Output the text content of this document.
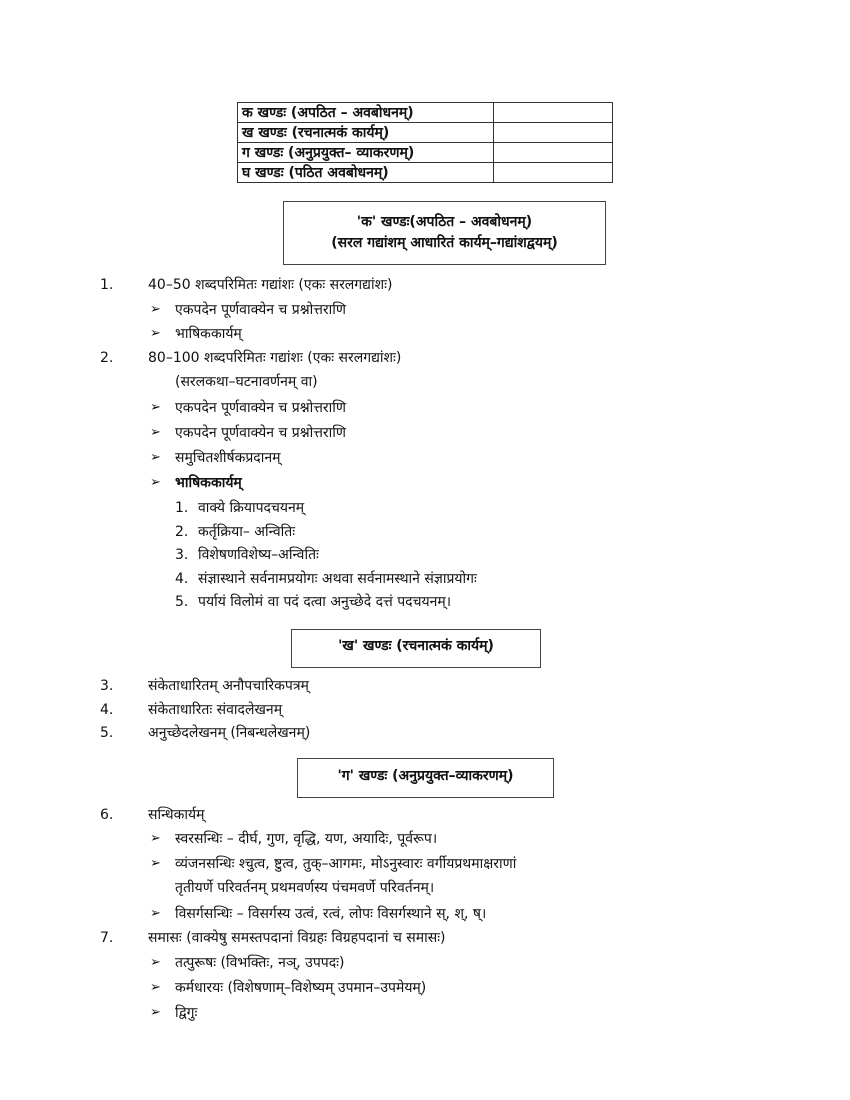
क खण्डः (अपठित – अवबोधनम्)	
ख खण्डः (रचनात्मकं कार्यम्)	
ग खण्डः (अनुप्रयुक्त– व्याकरणम्)	
घ खण्डः (पठित अवबोधनम्)	
'क' खण्डः(अपठित – अवबोधनम्)
(सरल गद्यांशम् आधारितं कार्यम्–गद्यांशद्वयम्)
1. 40–50 शब्दपरिमितः गद्यांशः (एकः सरलगद्यांशः)
➢ एकपदेन पूर्णवाक्येन च प्रश्नोत्तराणि
➢ भाषिककार्यम्
2. 80–100 शब्दपरिमितः गद्यांशः (एकः सरलगद्यांशः)
(सरलकथा–घटनावर्णनम् वा)
➢ एकपदेन पूर्णवाक्येन च प्रश्नोत्तराणि
➢ एकपदेन पूर्णवाक्येन च प्रश्नोत्तराणि
➢ समुचितशीर्षकप्रदानम्
➢ भाषिककार्यम्
1. वाक्ये क्रियापदचयनम्
2. कर्तृक्रिया– अन्वितिः
3. विशेषणविशेष्य–अन्वितिः
4. संज्ञास्थाने सर्वनामप्रयोगः अथवा सर्वनामस्थाने संज्ञाप्रयोगः
5. पर्यायं विलोमं वा पदं दत्वा अनुच्छेदे दत्तं पदचयनम्।
'ख' खण्डः (रचनात्मकं कार्यम्)
3. संकेताधारितम् अनौपचारिकपत्रम्
4. संकेताधारितः संवादलेखनम्
5. अनुच्छेदलेखनम् (निबन्धलेखनम्)
'ग' खण्डः (अनुप्रयुक्त–व्याकरणम्)
6. सन्धिकार्यम्
➢ स्वरसन्धिः – दीर्घ, गुण, वृद्धि, यण, अयादिः, पूर्वरूप।
➢ व्यंजनसन्धिः श्चुत्व, ष्टुत्व, तुक्–आगमः, मोऽनुस्वारः वर्गीयप्रथमाक्षराणां
तृतीयर्णे परिवर्तनम् प्रथमवर्णस्य पंचमवर्णे परिवर्तनम्।
➢ विसर्गसन्धिः – विसर्गस्य उत्वं, रत्वं, लोपः विसर्गस्थाने स्, श्, ष्।
7. समासः (वाक्येषु समस्तपदानां विग्रहः विग्रहपदानां च समासः)
➢ तत्पुरूषः (विभक्तिः, नञ्, उपपदः)
➢ कर्मधारयः (विशेषणाम्–विशेष्यम् उपमान–उपमेयम्)
➢ द्विगुः
